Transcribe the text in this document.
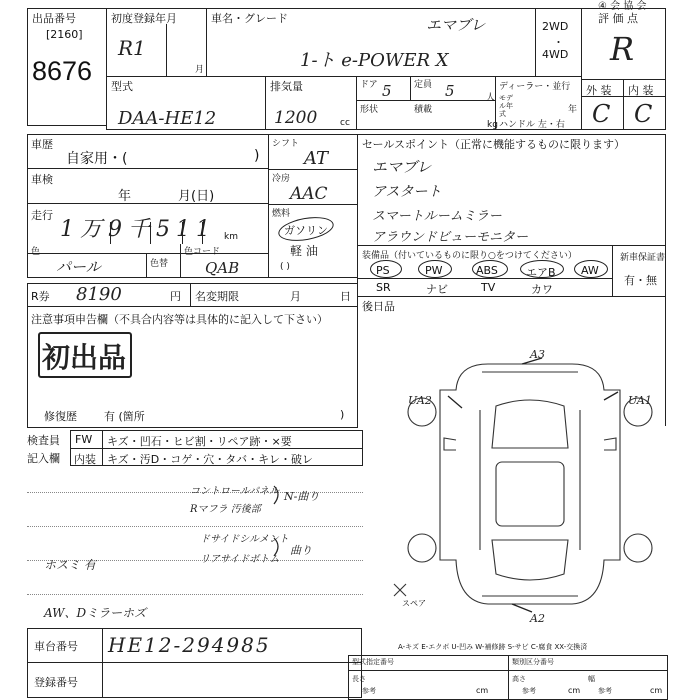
④ 会 協 会
出品番号
[2160]
8676
初度登録年月
R1
月
車名・グレード	エマブレ
1-ト e-POWER X
2WD
・
4WD
評 価 点
R
型式
DAA-HE12
排気量
1200	cc
ドア 5 定員 5	人
形状	積載
kg
ディーラー・並行
モデル年式	年
ハンドル 左・右
外 装 内 装
C C
車歴
自家用・(	)
車検
年	月(日)
走行
1万9千511 km
シフト
AT
冷房
AAC
燃料
ガソリン
軽 油
( )
色
パール	色替
色コード
QAB
セールスポイント（正常に機能するものに限ります）
エマブレ
アスタート
スマートルームミラー
アラウンドビューモニター
装備品（付いているものに限り○をつけてください）
PS	PW	ABS	エアB AW
SR	ナビ	TV	カワ
新車保証書
有・無
R券 8190	円 名変期限	月	日
後日品
注意事項申告欄（不具合内容等は具体的に記入して下さい）
初出品
修復歴 有 (箇所	)
検査員
記入欄
FW キズ・凹石・ヒビ割・リペア跡・×要
内装 キズ・汚D・コゲ・穴・タバ・キレ・破レ
コントロールパネル
Rマフラ 汚後部
ドサイドシルメント
リアサイドボトム
N-曲り
曲り
ホスミ 有
AW、Dミラーホズ
A3
UA2	UA1
A2
スペア
A-キズ E-エクボ U-凹み W-補修跡 S-サビ C-腐食 XX-交換済
車台番号 HE12-294985
登録番号
型式指定番号	類別区分番号
長さ
参考	cm
高さ
参考	cm
幅
参考	cm
